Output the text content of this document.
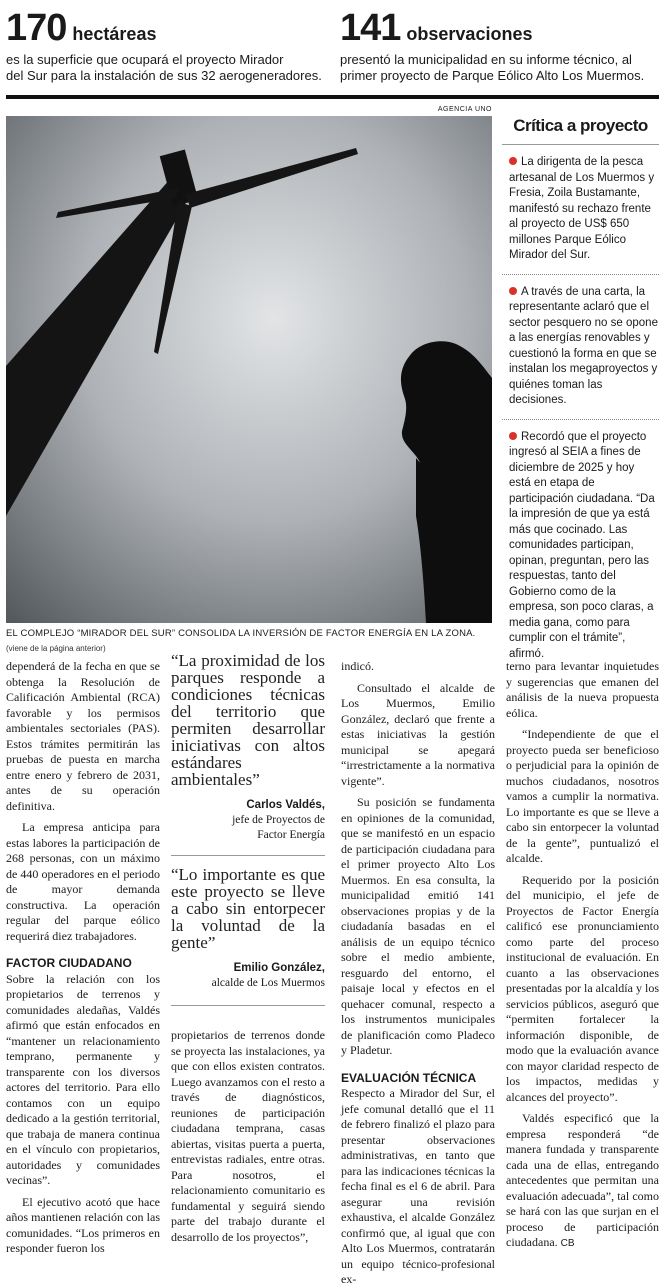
170 hectáreas
es la superficie que ocupará el proyecto Mirador
del Sur para la instalación de sus 32 aerogeneradores.
141 observaciones
presentó la municipalidad en su informe técnico, al
primer proyecto de Parque Eólico Alto Los Muermos.
AGENCIA UNO
EL COMPLEJO “MIRADOR DEL SUR” CONSOLIDA LA INVERSIÓN DE FACTOR ENERGÍA EN LA ZONA.
(viene de la página anterior)
Crítica a proyecto
La dirigenta de la pesca artesanal de Los Muermos y Fresia, Zoila Bustamante, manifestó su rechazo frente al proyecto de US$ 650 millones Parque Eólico Mirador del Sur.
A través de una carta, la representante aclaró que el sector pesquero no se opone a las energías renovables y cuestionó la forma en que se instalan los megaproyectos y quiénes toman las decisiones.
Recordó que el proyecto ingresó al SEIA a fines de diciembre de 2025 y hoy está en etapa de participación ciudadana. “Da la impresión de que ya está más que cocinado. Las comunidades participan, opinan, preguntan, pero las respuestas, tanto del Gobierno como de la empresa, son poco claras, a media gana, como para cumplir con el trámite”, afirmó.

dependerá de la fecha en que se obtenga la Resolución de Calificación Ambiental (RCA) favorable y los permisos ambientales sectoriales (PAS). Estos trámites permitirán las pruebas de puesta en marcha entre enero y febrero de 2031, antes de su operación definitiva.

La empresa anticipa para estas labores la participación de 268 personas, con un máximo de 440 operadores en el periodo de mayor demanda constructiva. La operación regular del parque eólico requerirá diez trabajadores.

FACTOR CIUDADANO

Sobre la relación con los propietarios de terrenos y comunidades aledañas, Valdés afirmó que están enfocados en “mantener un relacionamiento temprano, permanente y transparente con los diversos actores del territorio. Para ello contamos con un equipo dedicado a la gestión territorial, que trabaja de manera continua en el vínculo con propietarios, autoridades y comunidades vecinas”.

El ejecutivo acotó que hace años mantienen relación con las comunidades. “Los primeros en responder fueron los

“La proximidad de los parques responde a condiciones técnicas del territorio que permiten desarrollar iniciativas con altos estándares ambientales”
Carlos Valdés,
jefe de Proyectos de
Factor Energía
“Lo importante es que este proyecto se lleve a cabo sin entorpecer la voluntad de la gente”
Emilio González,
alcalde de Los Muermos

propietarios de terrenos donde se proyecta las instalaciones, ya que con ellos existen contratos. Luego avanzamos con el resto a través de diagnósticos, reuniones de participación ciudadana temprana, casas abiertas, visitas puerta a puerta, entrevistas radiales, entre otras. Para nosotros, el relacionamiento comunitario es fundamental y seguirá siendo parte del trabajo durante el desarrollo de los proyectos”,

indicó.

Consultado el alcalde de Los Muermos, Emilio González, declaró que frente a estas iniciativas la gestión municipal se apegará “irrestrictamente a la normativa vigente”.

Su posición se fundamenta en opiniones de la comunidad, que se manifestó en un espacio de participación ciudadana para el primer proyecto Alto Los Muermos. En esa consulta, la municipalidad emitió 141 observaciones propias y de la ciudadanía basadas en el análisis de un equipo técnico sobre el medio ambiente, resguardo del entorno, el paisaje local y efectos en el quehacer comunal, respecto a los instrumentos municipales de planificación como Pladeco y Pladetur.

EVALUACIÓN TÉCNICA

Respecto a Mirador del Sur, el jefe comunal detalló que el 11 de febrero finalizó el plazo para presentar observaciones administrativas, en tanto que para las indicaciones técnicas la fecha final es el 6 de abril. Para asegurar una revisión exhaustiva, el alcalde González confirmó que, al igual que con Alto Los Muermos, contratarán un equipo técnico-profesional ex-

terno para levantar inquietudes y sugerencias que emanen del análisis de la nueva propuesta eólica.

“Independiente de que el proyecto pueda ser beneficioso o perjudicial para la opinión de muchos ciudadanos, nosotros vamos a cumplir la normativa. Lo importante es que se lleve a cabo sin entorpecer la voluntad de la gente”, puntualizó el alcalde.

Requerido por la posición del municipio, el jefe de Proyectos de Factor Energía calificó ese pronunciamiento como parte del proceso institucional de evaluación. En cuanto a las observaciones presentadas por la alcaldía y los servicios públicos, aseguró que “permiten fortalecer la información disponible, de modo que la evaluación avance con mayor claridad respecto de los impactos, medidas y alcances del proyecto”.

Valdés especificó que la empresa responderá “de manera fundada y transparente cada una de ellas, entregando antecedentes que permitan una evaluación adecuada”, tal como se hará con las que surjan en el proceso de participación ciudadana. CB
